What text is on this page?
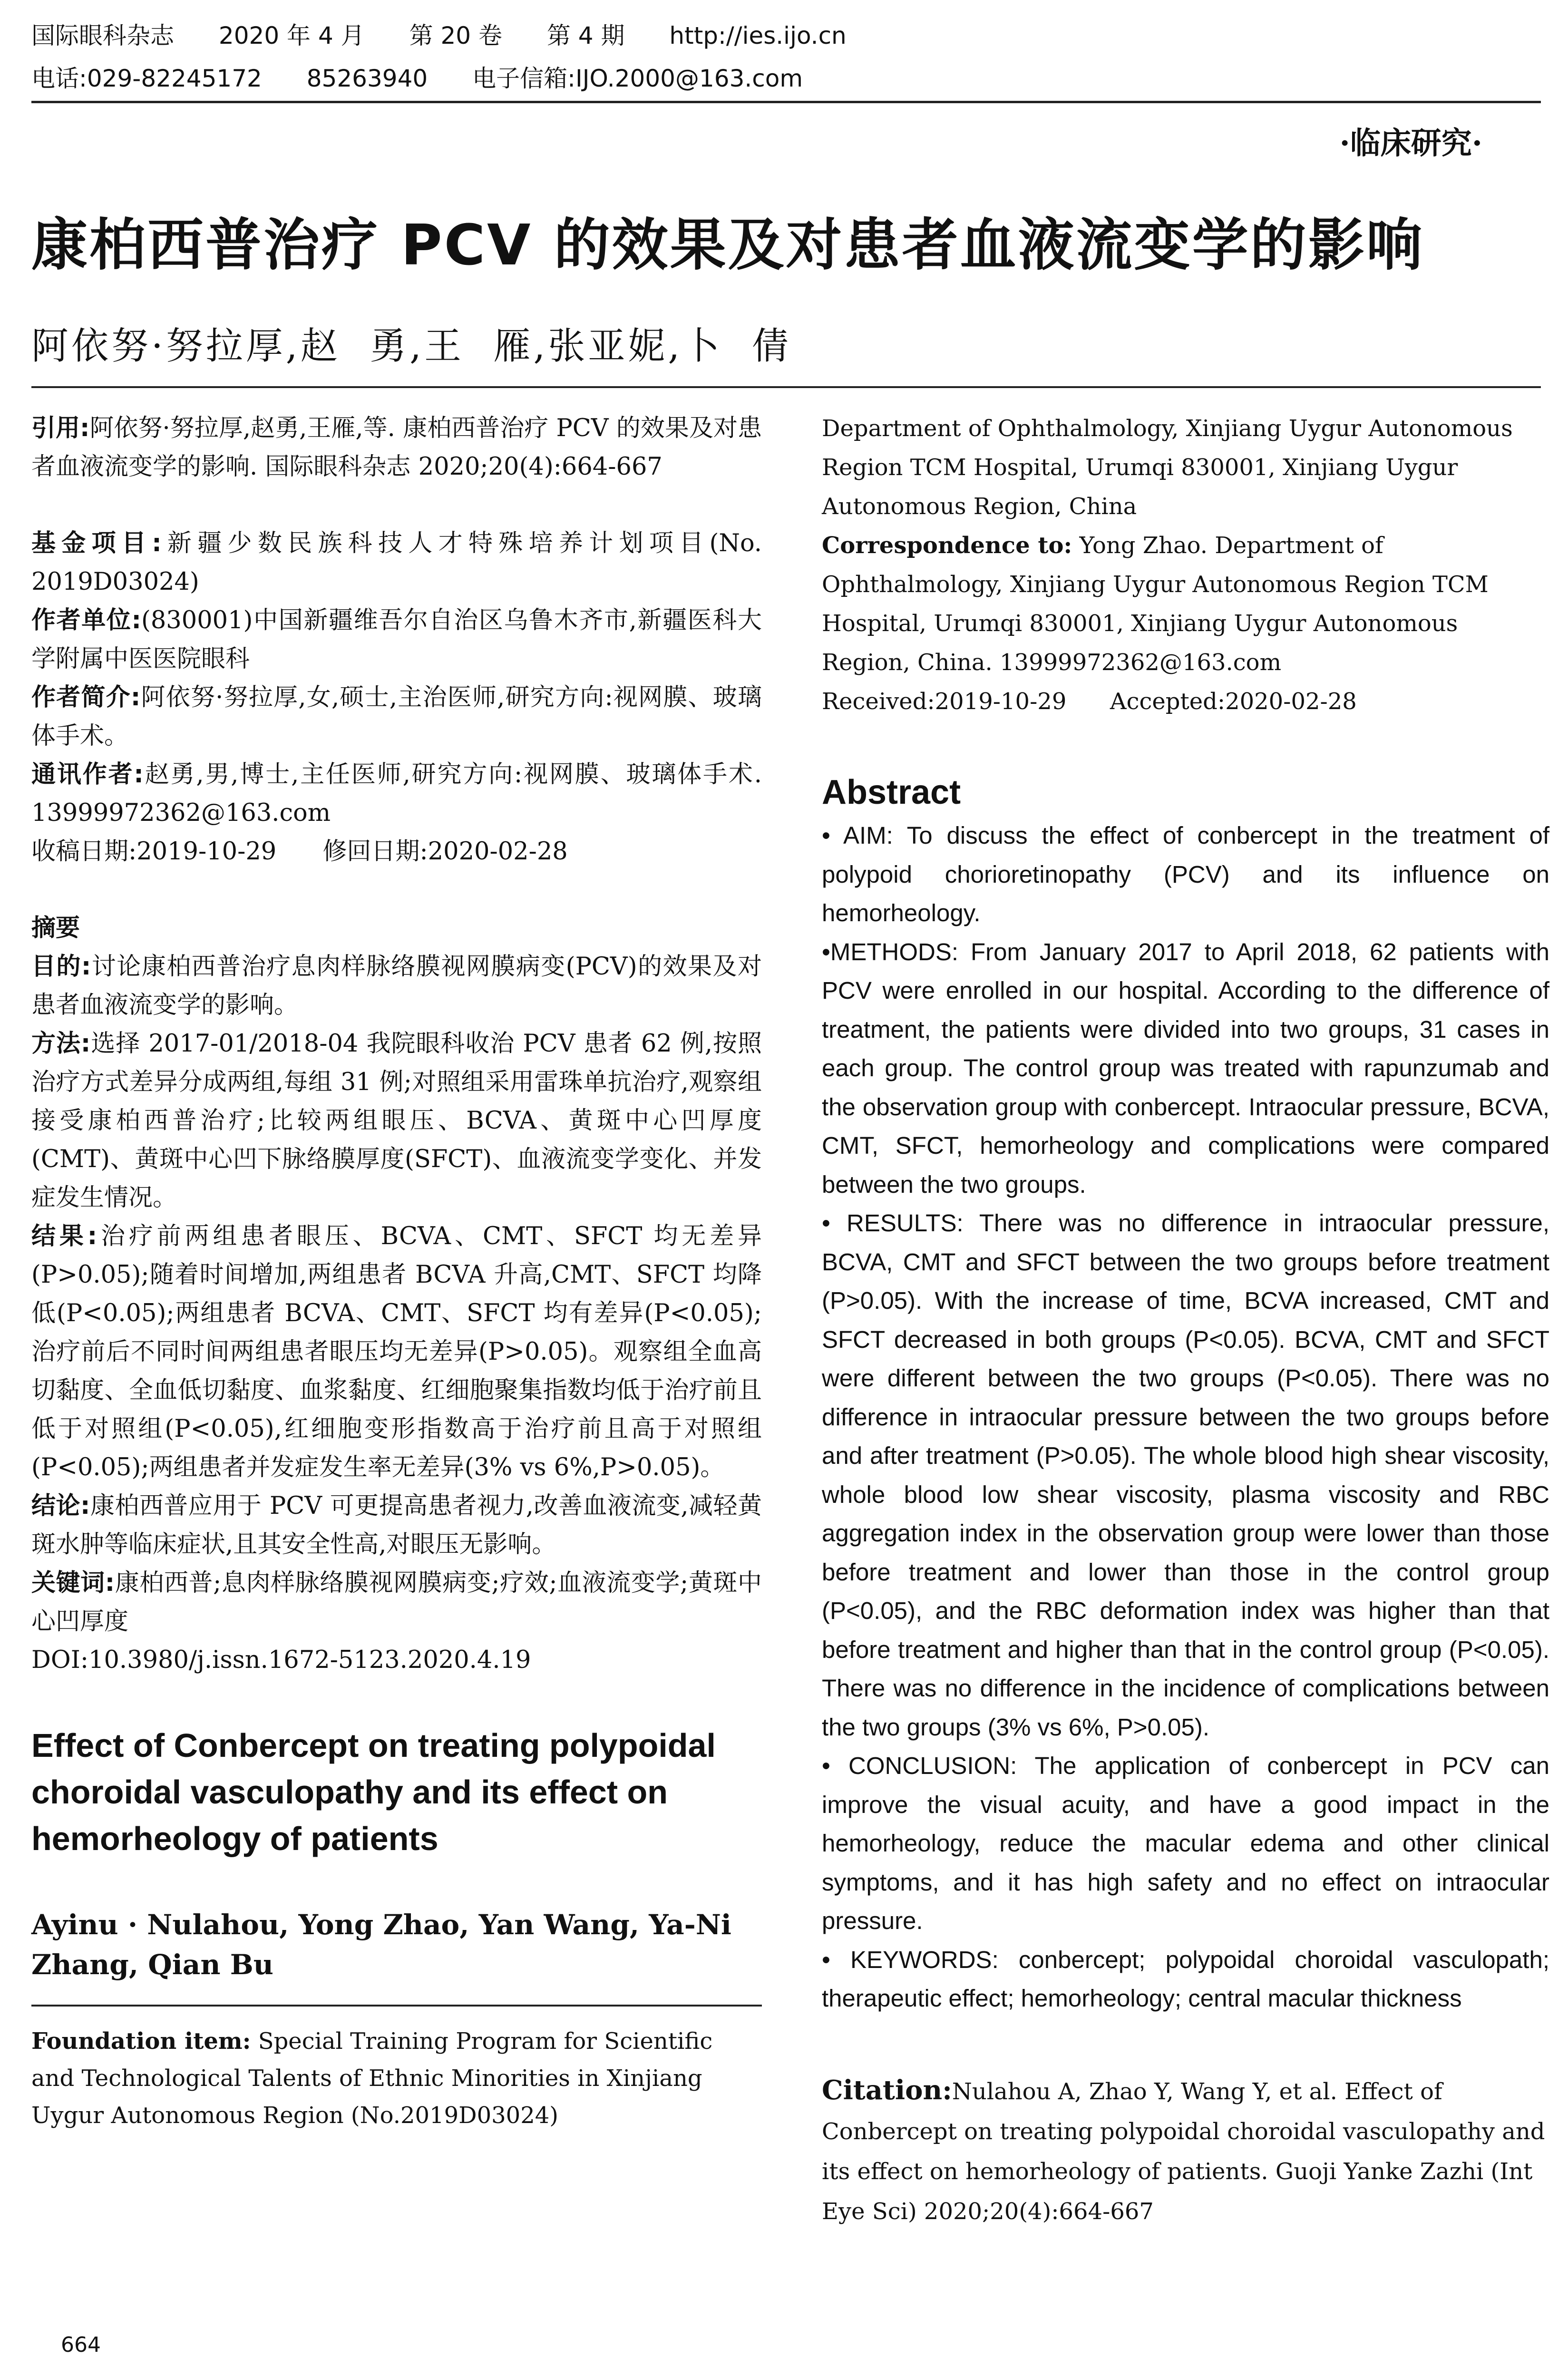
国际眼科杂志 2020 年 4 月 第 20 卷 第 4 期 http://ies.ijo.cn
电话:029-82245172 85263940 电子信箱:IJO.2000@163.com
·临床研究·
康柏西普治疗 PCV 的效果及对患者血液流变学的影响
阿依努·努拉厚,赵  勇,王  雁,张亚妮,卜  倩

引用:阿依努·努拉厚,赵勇,王雁,等. 康柏西普治疗 PCV 的效果及对患者血液流变学的影响. 国际眼科杂志 2020;20(4):664-667

基金项目:新疆少数民族科技人才特殊培养计划项目(No. 2019D03024)

作者单位:(830001)中国新疆维吾尔自治区乌鲁木齐市,新疆医科大学附属中医医院眼科

作者简介:阿依努·努拉厚,女,硕士,主治医师,研究方向:视网膜、玻璃体手术。

通讯作者:赵勇,男,博士,主任医师,研究方向:视网膜、玻璃体手术. 13999972362@163.com

收稿日期:2019-10-29      修回日期:2020-02-28

摘要

目的:讨论康柏西普治疗息肉样脉络膜视网膜病变(PCV)的效果及对患者血液流变学的影响。

方法:选择 2017-01/2018-04 我院眼科收治 PCV 患者 62 例,按照治疗方式差异分成两组,每组 31 例;对照组采用雷珠单抗治疗,观察组接受康柏西普治疗;比较两组眼压、BCVA、黄斑中心凹厚度(CMT)、黄斑中心凹下脉络膜厚度(SFCT)、血液流变学变化、并发症发生情况。

结果:治疗前两组患者眼压、BCVA、CMT、SFCT 均无差异(P>0.05);随着时间增加,两组患者 BCVA 升高,CMT、SFCT 均降低(P<0.05);两组患者 BCVA、CMT、SFCT 均有差异(P<0.05);治疗前后不同时间两组患者眼压均无差异(P>0.05)。观察组全血高切黏度、全血低切黏度、血浆黏度、红细胞聚集指数均低于治疗前且低于对照组(P<0.05),红细胞变形指数高于治疗前且高于对照组(P<0.05);两组患者并发症发生率无差异(3% vs 6%,P>0.05)。

结论:康柏西普应用于 PCV 可更提高患者视力,改善血液流变,减轻黄斑水肿等临床症状,且其安全性高,对眼压无影响。

关键词:康柏西普;息肉样脉络膜视网膜病变;疗效;血液流变学;黄斑中心凹厚度

DOI:10.3980/j.issn.1672-5123.2020.4.19

Effect of Conbercept on treating polypoidal choroidal vasculopathy and its effect on hemorheology of patients

Ayinu · Nulahou, Yong Zhao, Yan Wang, Ya-Ni Zhang, Qian Bu

Foundation item: Special Training Program for Scientific and Technological Talents of Ethnic Minorities in Xinjiang Uygur Autonomous Region (No.2019D03024)

Department of Ophthalmology, Xinjiang Uygur Autonomous Region TCM Hospital, Urumqi 830001, Xinjiang Uygur Autonomous Region, China

Correspondence to: Yong Zhao. Department of Ophthalmology, Xinjiang Uygur Autonomous Region TCM Hospital, Urumqi 830001, Xinjiang Uygur Autonomous Region, China. 13999972362@163.com

Received:2019-10-29      Accepted:2020-02-28

Abstract

• AIM: To discuss the effect of conbercept in the treatment of polypoid chorioretinopathy (PCV) and its influence on hemorheology.

•METHODS: From January 2017 to April 2018, 62 patients with PCV were enrolled in our hospital. According to the difference of treatment, the patients were divided into two groups, 31 cases in each group. The control group was treated with rapunzumab and the observation group with conbercept. Intraocular pressure, BCVA, CMT, SFCT, hemorheology and complications were compared between the two groups.

• RESULTS: There was no difference in intraocular pressure, BCVA, CMT and SFCT between the two groups before treatment (P>0.05). With the increase of time, BCVA increased, CMT and SFCT decreased in both groups (P<0.05). BCVA, CMT and SFCT were different between the two groups (P<0.05). There was no difference in intraocular pressure between the two groups before and after treatment (P>0.05). The whole blood high shear viscosity, whole blood low shear viscosity, plasma viscosity and RBC aggregation index in the observation group were lower than those before treatment and lower than those in the control group (P<0.05), and the RBC deformation index was higher than that before treatment and higher than that in the control group (P<0.05). There was no difference in the incidence of complications between the two groups (3% vs 6%, P>0.05).

• CONCLUSION: The application of conbercept in PCV can improve the visual acuity, and have a good impact in the hemorheology, reduce the macular edema and other clinical symptoms, and it has high safety and no effect on intraocular pressure.

• KEYWORDS: conbercept; polypoidal choroidal vasculopath; therapeutic effect; hemorheology; central macular thickness

Citation:Nulahou A, Zhao Y, Wang Y, et al. Effect of Conbercept on treating polypoidal choroidal vasculopathy and its effect on hemorheology of patients. Guoji Yanke Zazhi (Int Eye Sci) 2020;20(4):664-667

664
